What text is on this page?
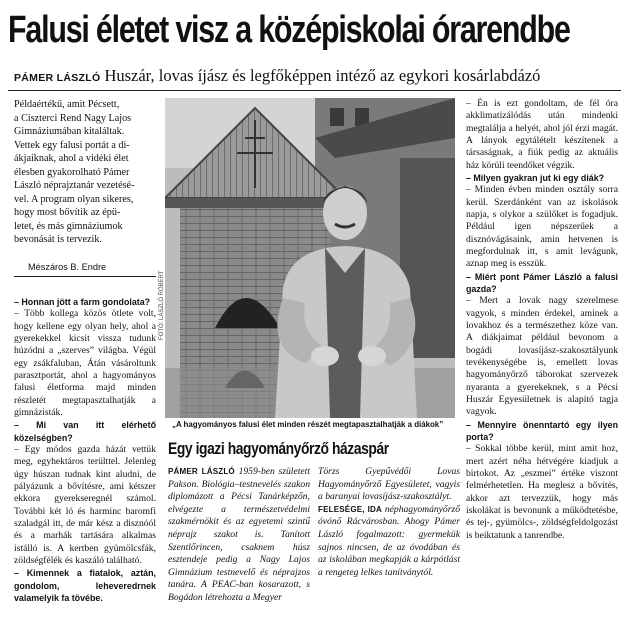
Falusi életet visz a középiskolai órarendbe
PÁMER LÁSZLÓ Huszár, lovas íjász és legfőképpen intéző az egykori kosárlabdázó

Példaértékű, amit Pécsett,

a Ciszterci Rend Nagy Lajos

Gimnáziumában kitaláltak.

Vettek egy falusi portát a di-

ákjaiknak, ahol a vidéki élet

élesben gyakorolható Pámer

László néprajztanár vezetésé-

vel. A program olyan sikeres,

hogy most bővítik az épü-

letet, és más gimnáziumok

bevonását is tervezik.

Mészáros B. Endre

– Honnan jött a farm gondolata?

– Több kollega közös ötlete volt, hogy kellene egy olyan hely, ahol a gyerekekkel kicsit vissza tudunk húzódni a „szerves” világba. Végül egy zsákfaluban, Átán vásároltunk parasztportát, ahol a hagyományos falusi életforma majd minden részletét megtapasztalhatják a gimnázisták.

– Mi van itt elérhető közelségben?

– Egy módos gazda házát vettük meg, egyhektáros terülttel. Jelenleg úgy húszan tudnak kint aludni, de pályázunk a bővítésre, ami kétszer ekkora gyerekseregnél számol. További két ló és harminc baromfi szaladgál itt, de már kész a disznóól és a marhák tartására alkalmas istálló is. A kertben gyümölcsfák, zöldségfélék és kaszáló található.

– Kimennek a fiatalok, aztán, gondolom, leheveredrnek valamelyik fa tövébe.

FOTÓ: LÁSZLÓ RÓBERT
„A hagyományos falusi élet minden részét megtapasztalhatják a diákok”
Egy igazi hagyományőrző házaspár

PÁMER LÁSZLÓ 1959-ben született Pakson. Biológia–testnevelés szakon diplomázott a Pécsi Tanárképzőn, elvégezte a természetvédelmi szakmérnökit és az egyetemi szintű néprajz szakot is. Tanított Szentlőrincen, csaknem húsz esztendeje pedig a Nagy Lajos Gimnázium testnevelő és néprajzos tanára. A PEAC-ban kosarazott, s Bogádon létrehozta a Megyer

Törzs Gyepűvédői Lovas Hagyományőrző Egyesületet, vagyis a baranyai lovasíjász-szakosztályt.

FELESÉGE, IDA néphagyományőrző óvónő Rácvárosban. Ahogy Pámer László fogalmazott: gyermekük sajnos nincsen, de az óvodában és az iskolában megkapják a kárpótlást a rengeteg lelkes tanítványtól.

– Én is ezt gondoltam, de fél óra akklimatizálódás után mindenki megtalálja a helyét, ahol jól érzi magát. A lányok egytálételt készítenek a társaságnak, a fiúk pedig az aktuális ház körüli teendőket végzik.

– Milyen gyakran jut ki egy diák?

– Minden évben minden osztály sorra kerül. Szerdánként van az iskolások napja, s olykor a szülőket is fogadjuk. Például igen népszerűek a disznóvágásaink, amin hetvenen is megfordulnak itt, s amit levágunk, aznap meg is esszük.

– Miért pont Pámer László a falusi gazda?

– Mert a lovak nagy szerelmese vagyok, s minden érdekel, aminek a lovakhoz és a természethez köze van. A diákjaimat például bevonom a bogádi lovasíjász-szakosztályunk tevékenységébe is, emellett lovas hagyományőrző táborokat szervezek nyaranta a gyerekeknek, s a Pécsi Huszár Egyesületnek is alapító tagja vagyok.

– Mennyire önenntartó egy ilyen porta?

– Sokkal többe kerül, mint amit hoz, mert azért néha hétvégére kiadjuk a birtokot. Az „eszmei” értéke viszont felmérhetetlen. Ha meglesz a bővítés, akkor azt tervezzük, hogy más iskolákat is bevonunk a működtetésbe, és tej-, gyümölcs-, zöldségfeldolgozást is beiktatunk a tanrendbe.
